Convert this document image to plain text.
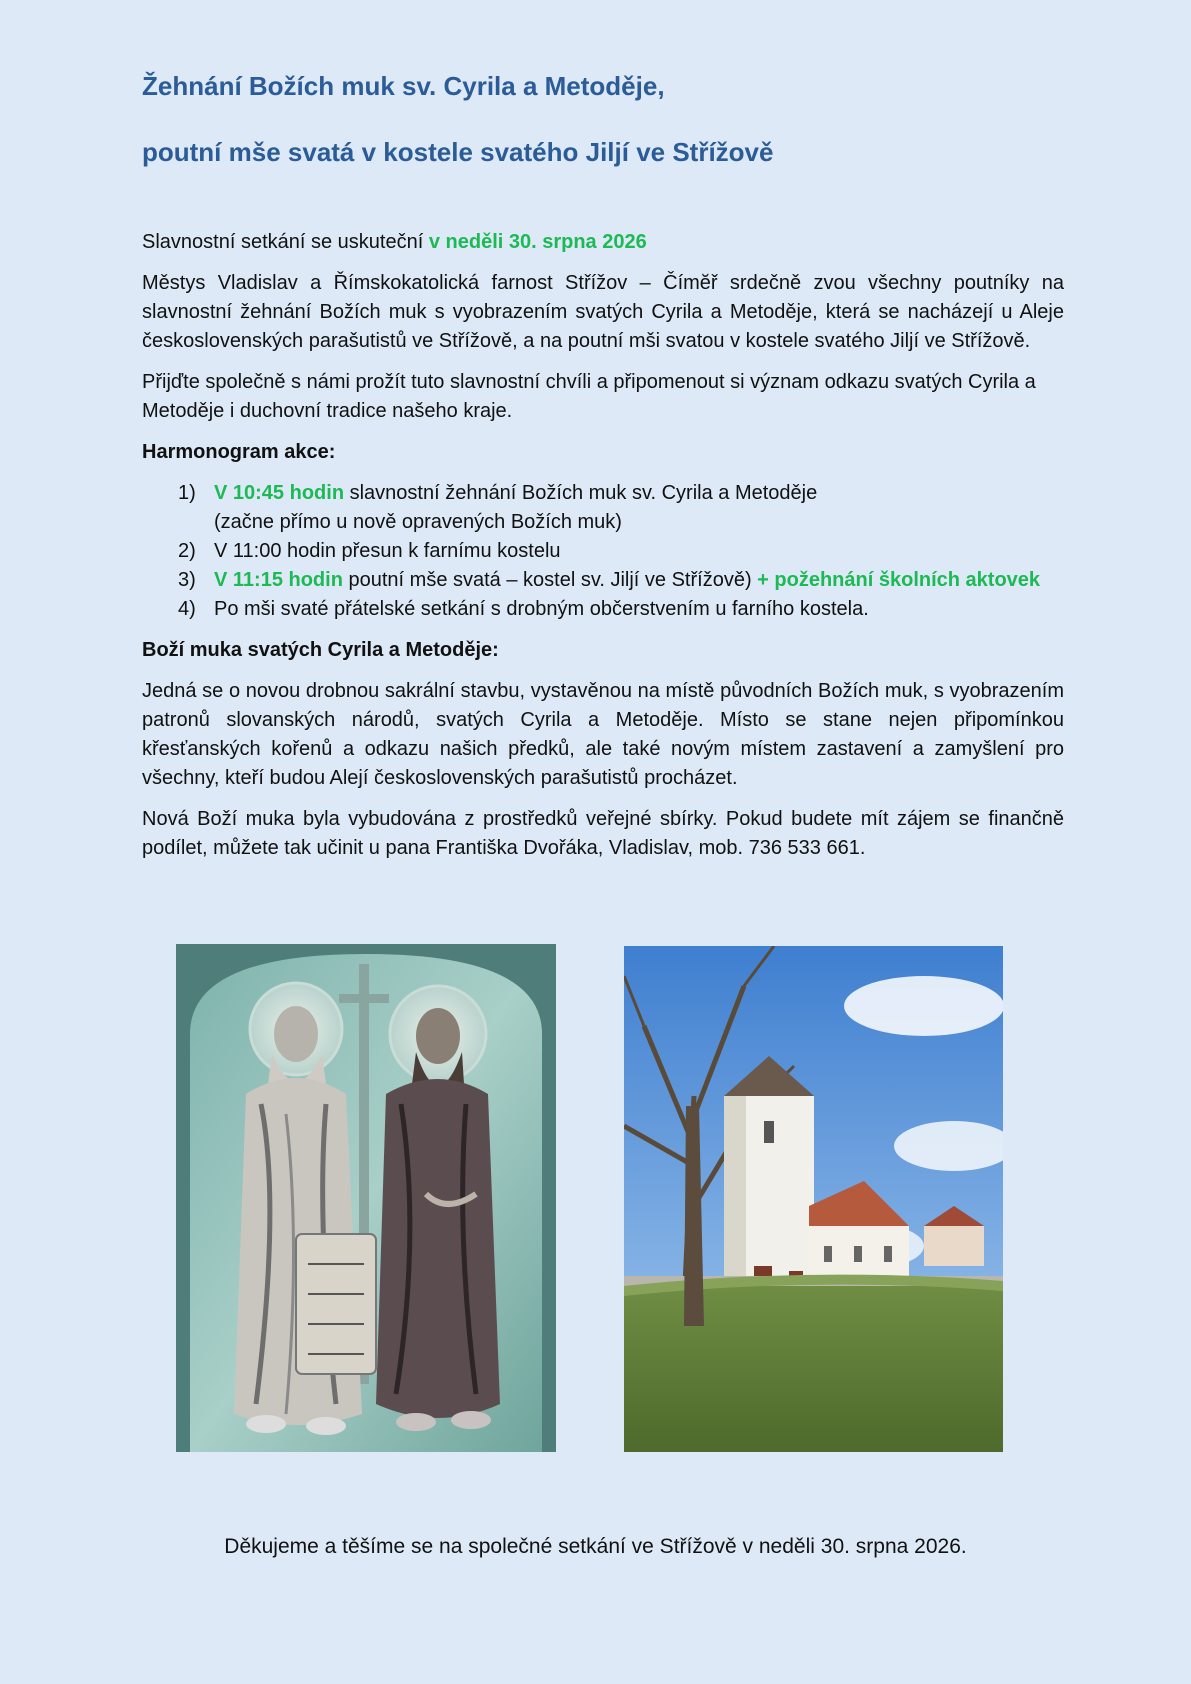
Žehnání Božích muk sv. Cyrila a Metoděje,
poutní mše svatá v kostele svatého Jiljí ve Střížově

Slavnostní setkání se uskuteční v neděli 30. srpna 2026

Městys Vladislav a Římskokatolická farnost Střížov – Čímĕř srdečně zvou všechny poutníky na slavnostní žehnání Božích muk s vyobrazením svatých Cyrila a Metoděje, která se nacházejí u Aleje československých parašutistů ve Střížově, a na poutní mši svatou v kostele svatého Jiljí ve Střížově.

Přijďte společně s námi prožít tuto slavnostní chvíli a připomenout si význam odkazu svatých Cyrila a Metoděje i duchovní tradice našeho kraje.

Harmonogram akce:

1) V 10:45 hodin slavnostní žehnání Božích muk sv. Cyrila a Metoděje
(začne přímo u nově opravených Božích muk)
2) V 11:00 hodin přesun k farnímu kostelu
3) V 11:15 hodin poutní mše svatá – kostel sv. Jiljí ve Střížově) + požehnání školních aktovek
4) Po mši svaté přátelské setkání s drobným občerstvením u farního kostela.

Boží muka svatých Cyrila a Metoděje:

Jedná se o novou drobnou sakrální stavbu, vystavěnou na místě původních Božích muk, s vyobrazením patronů slovanských národů, svatých Cyrila a Metoděje. Místo se stane nejen připomínkou křesťanských kořenů a odkazu našich předků, ale také novým místem zastavení a zamyšlení pro všechny, kteří budou Alejí československých parašutistů procházet.

Nová Boží muka byla vybudována z prostředků veřejné sbírky. Pokud budete mít zájem se finančně podílet, můžete tak učinit u pana Františka Dvořáka, Vladislav, mob. 736 533 661.

Děkujeme a těšíme se na společné setkání ve Střížově v neděli 30. srpna 2026.
